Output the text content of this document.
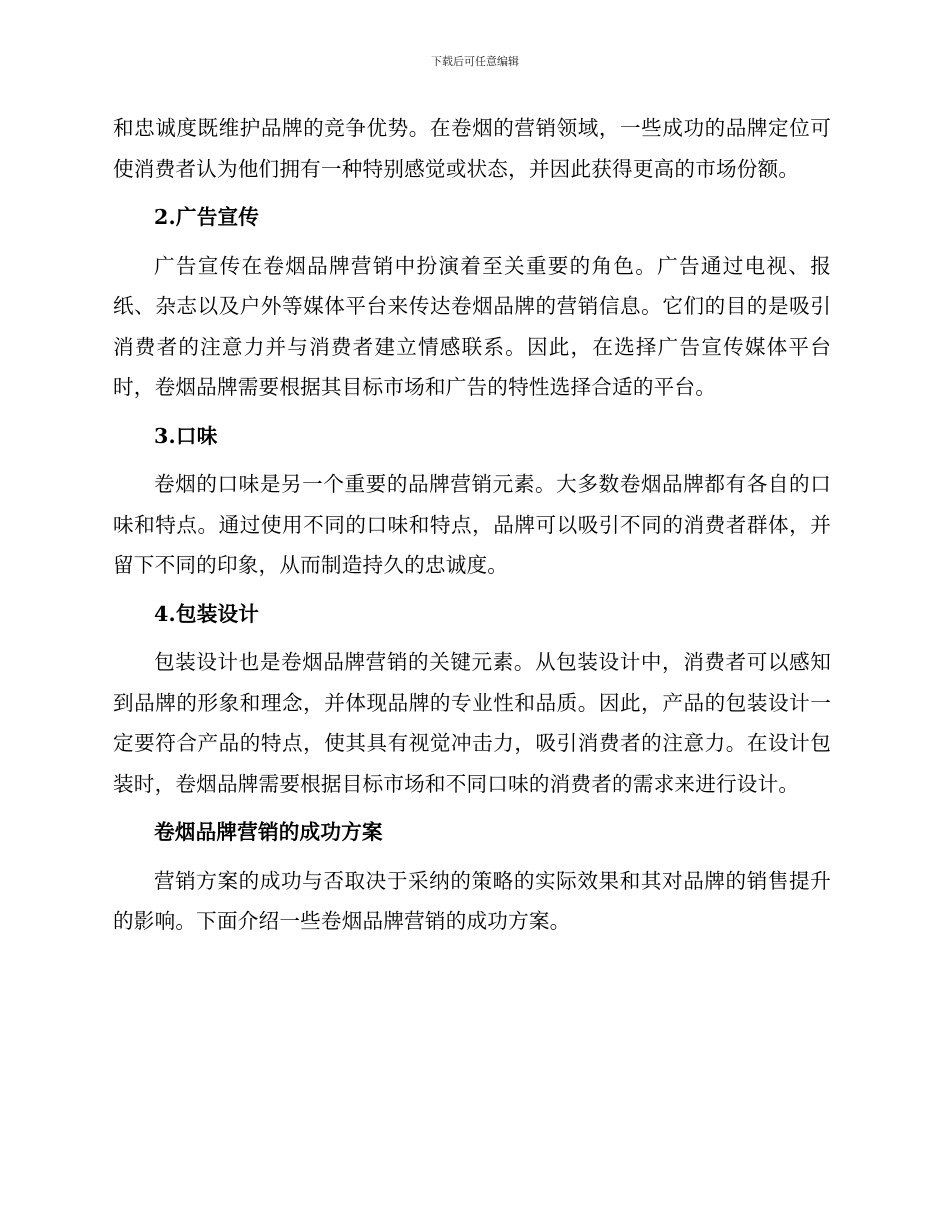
下载后可任意编辑

和忠诚度既维护品牌的竞争优势。在卷烟的营销领域，一些成功的品牌定位可使消费者认为他们拥有一种特别感觉或状态，并因此获得更高的市场份额。

2.广告宣传

广告宣传在卷烟品牌营销中扮演着至关重要的角色。广告通过电视、报纸、杂志以及户外等媒体平台来传达卷烟品牌的营销信息。它们的目的是吸引消费者的注意力并与消费者建立情感联系。因此，在选择广告宣传媒体平台时，卷烟品牌需要根据其目标市场和广告的特性选择合适的平台。

3.口味

卷烟的口味是另一个重要的品牌营销元素。大多数卷烟品牌都有各自的口味和特点。通过使用不同的口味和特点，品牌可以吸引不同的消费者群体，并留下不同的印象，从而制造持久的忠诚度。

4.包装设计

包装设计也是卷烟品牌营销的关键元素。从包装设计中，消费者可以感知到品牌的形象和理念，并体现品牌的专业性和品质。因此，产品的包装设计一定要符合产品的特点，使其具有视觉冲击力，吸引消费者的注意力。在设计包装时，卷烟品牌需要根据目标市场和不同口味的消费者的需求来进行设计。

卷烟品牌营销的成功方案

营销方案的成功与否取决于采纳的策略的实际效果和其对品牌的销售提升的影响。下面介绍一些卷烟品牌营销的成功方案。
